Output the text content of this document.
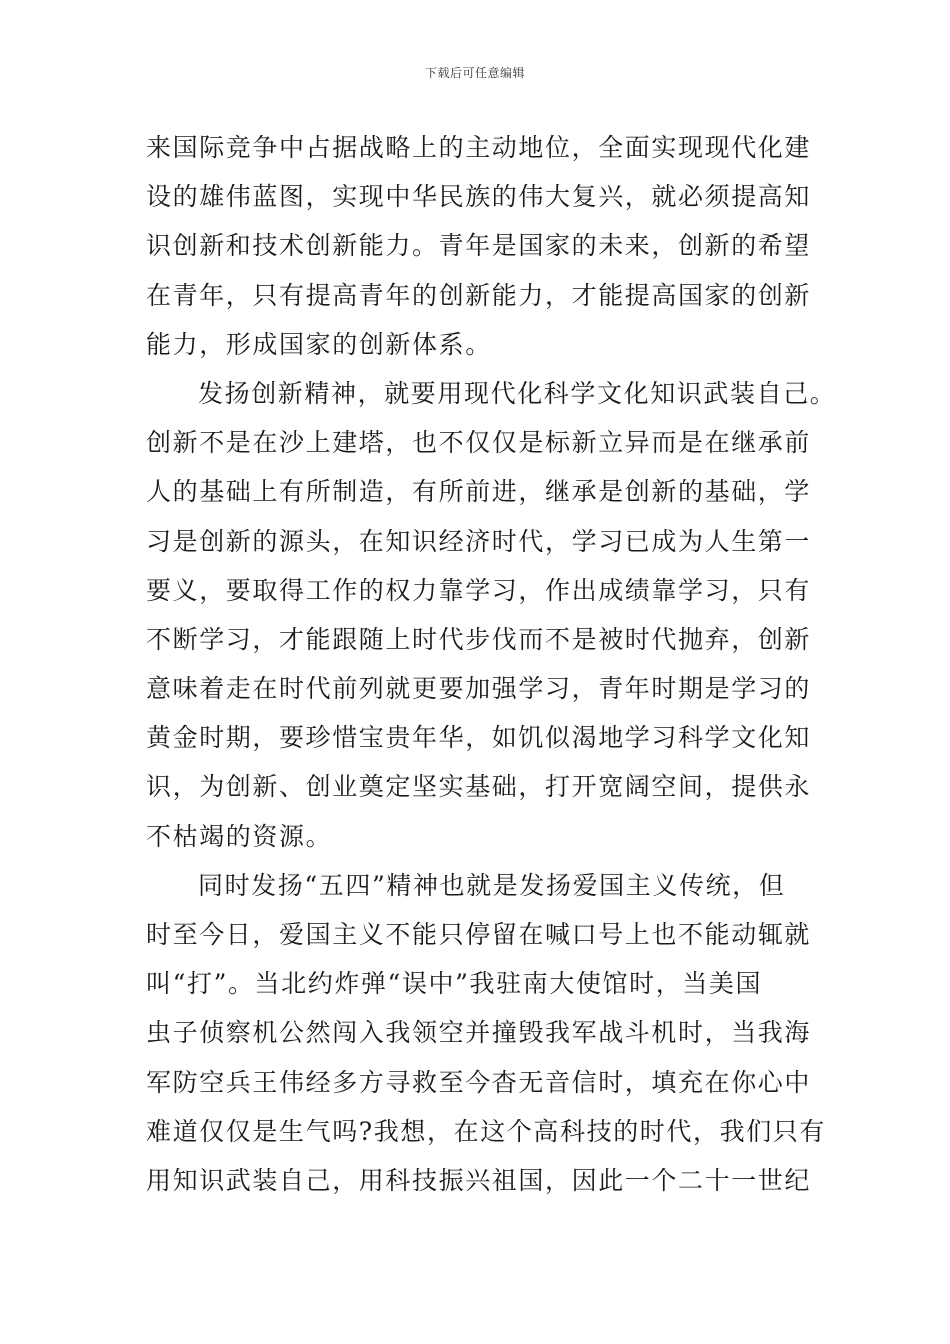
下载后可任意编辑
来国际竞争中占据战略上的主动地位，全面实现现代化建
设的雄伟蓝图，实现中华民族的伟大复兴，就必须提高知
识创新和技术创新能力。青年是国家的未来，创新的希望
在青年，只有提高青年的创新能力，才能提高国家的创新
能力，形成国家的创新体系。
发扬创新精神，就要用现代化科学文化知识武装自己。
创新不是在沙上建塔，也不仅仅是标新立异而是在继承前
人的基础上有所制造，有所前进，继承是创新的基础，学
习是创新的源头，在知识经济时代，学习已成为人生第一
要义，要取得工作的权力靠学习，作出成绩靠学习，只有
不断学习，才能跟随上时代步伐而不是被时代抛弃，创新
意味着走在时代前列就更要加强学习，青年时期是学习的
黄金时期，要珍惜宝贵年华，如饥似渴地学习科学文化知
识，为创新、创业奠定坚实基础，打开宽阔空间，提供永
不枯竭的资源。
同时发扬“五四”精神也就是发扬爱国主义传统，但
时至今日，爱国主义不能只停留在喊口号上也不能动辄就
叫“打”。当北约炸弹“误中”我驻南大使馆时，当美国
虫子侦察机公然闯入我领空并撞毁我军战斗机时，当我海
军防空兵王伟经多方寻救至今杳无音信时，填充在你心中
难道仅仅是生气吗?我想，在这个高科技的时代，我们只有
用知识武装自己，用科技振兴祖国，因此一个二十一世纪
